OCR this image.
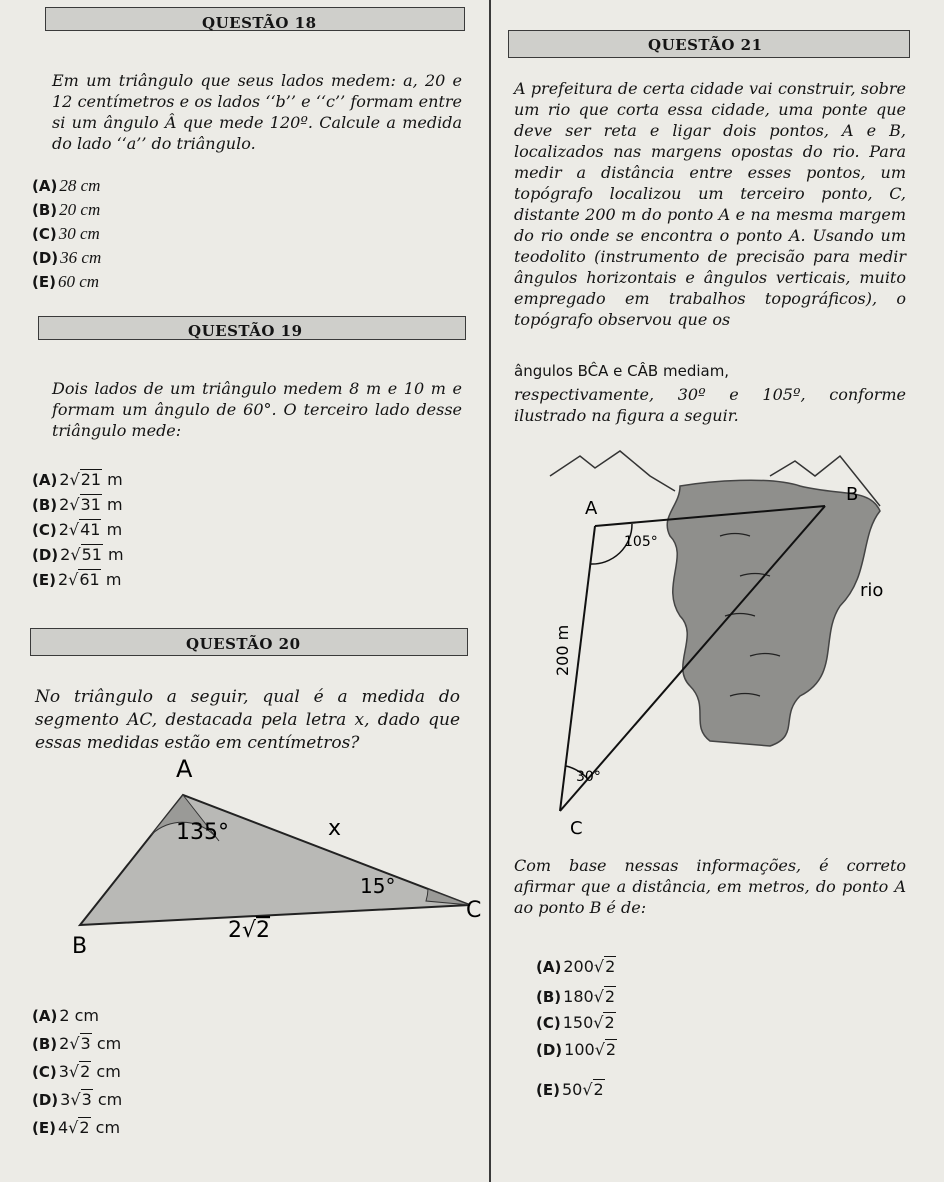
QUESTÃO 18
Em um triângulo que seus lados medem: a, 20 e 12 centímetros e os lados ‘‘b’’ e ‘‘c’’ formam entre si um ângulo Â que mede 120º. Calcule a medida do lado ‘‘a’’ do triângulo.
(A) 28 cm
(B) 20 cm
(C) 30 cm
(D) 36 cm
(E) 60 cm
QUESTÃO 19
Dois lados de um triângulo medem 8 m e 10 m e formam um ângulo de 60°. O terceiro lado desse triângulo mede:
(A) 2√21 m
(B) 2√31 m
(C) 2√41 m
(D) 2√51 m
(E) 2√61 m
QUESTÃO 20
No triângulo a seguir, qual é a medida do segmento AC, destacada pela letra x, dado que essas medidas estão em centímetros?
A
B
C
135°
15°
x
2√2
(A) 2 cm
(B) 2√3 cm
(C) 3√2 cm
(D) 3√3 cm
(E) 4√2 cm
QUESTÃO 21
A prefeitura de certa cidade vai construir, sobre um rio que corta essa cidade, uma ponte que deve ser reta e ligar dois pontos, A e B, localizados nas margens opostas do rio. Para medir a distância entre esses pontos, um topógrafo localizou um terceiro ponto, C, distante 200 m do ponto A e na mesma margem do rio onde se encontra o ponto A. Usando um teodolito (instrumento de precisão para medir ângulos horizontais e ângulos verticais, muito empregado em trabalhos topográficos), o topógrafo observou que os
ângulos BĈA e CÂB mediam,
respectivamente, 30º e 105º, conforme ilustrado na figura a seguir.
A
B
C
105°
30°
rio
200 m
Com base nessas informações, é correto afirmar que a distância, em metros, do ponto A ao ponto B é de:
(A) 200√2
(B) 180√2
(C) 150√2
(D) 100√2
(E) 50√2
